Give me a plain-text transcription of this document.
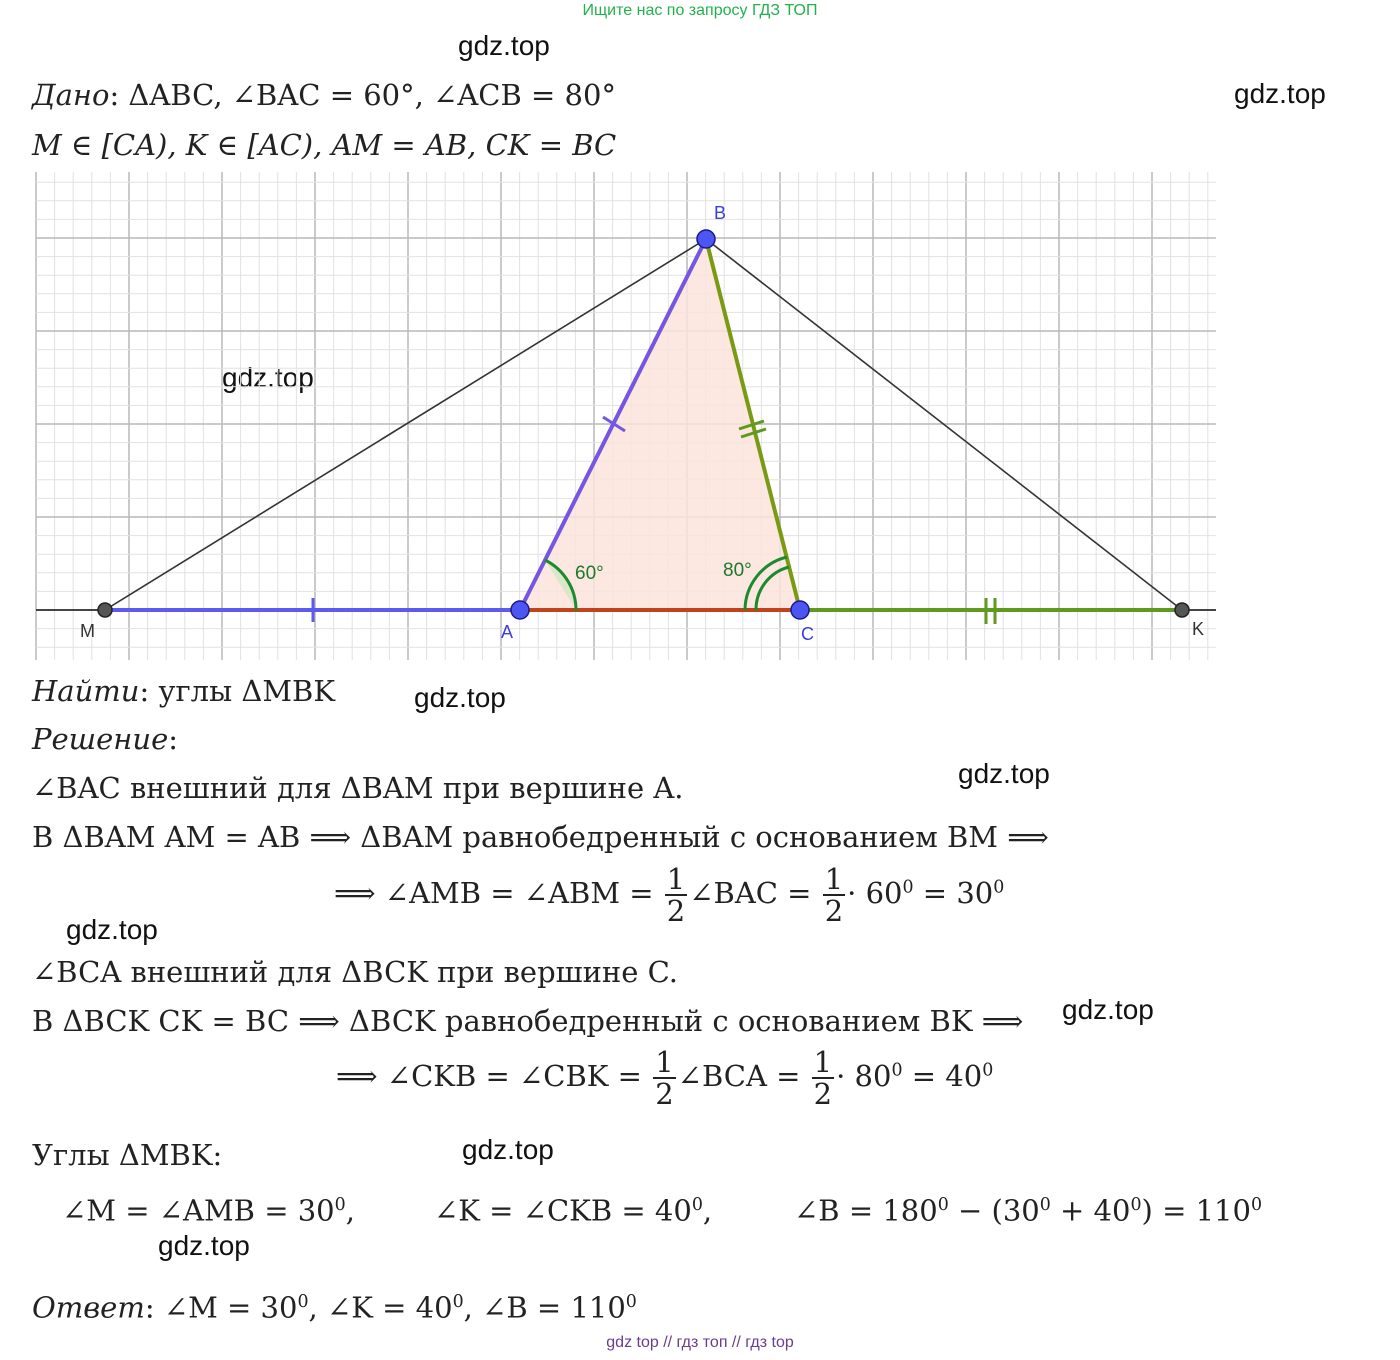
Ищите нас по запросу ГДЗ ТОП
gdz.top
gdz.top
gdz.top
gdz.top
gdz.top
gdz.top
gdz.top
gdz.top
gdz.top
Дано: ΔABC, ∠BAC = 60°, ∠ACB = 80°
M ∈ [CA), K ∈ [AC), AM = AB, CK = BC
60°	80°
M	A
B
C	K
Найти: углы ΔMBK
Решение:
∠BAC внешний для ΔBAM при вершине A.
В ΔBAM AM = AB ⟹ ΔBAM равнобедренный с основанием BM ⟹
⟹ ∠AMB = ∠ABM = $\frac{1}{2}$ ∠BAC = $\frac{1}{2} \cdot 60^0 = 30^0$
∠BCA внешний для ΔBCK при вершине C.
В ΔBCK CK = BC ⟹ ΔBCK равнобедренный с основанием BK ⟹
⟹ ∠CKB = ∠CBK = $\frac{1}{2}$ ∠BCA = $\frac{1}{2} \cdot 80^0 = 40^0$
Углы ΔMBK:
∠M = ∠AMB = $30^0$,	∠K = ∠CKB = $40^0$,	∠B = $180^0 - (30^0 + 40^0) = 110^0$
Ответ: ∠M = $30^0$, ∠K = $40^0$, ∠B = $110^0$
gdz top // гдз топ // гдз top
